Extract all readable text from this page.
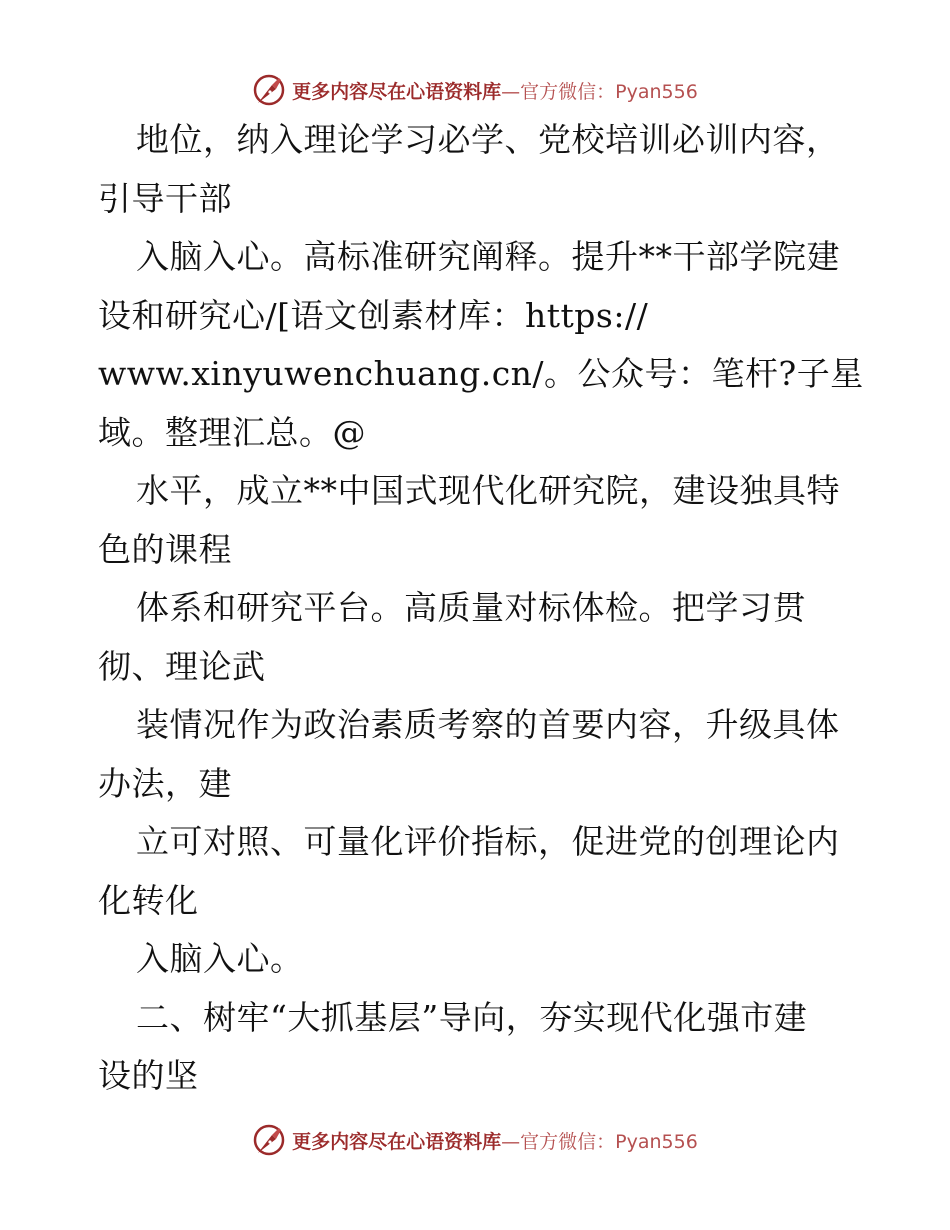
更多内容尽在心语资料库—官方微信：Pyan556
地位，纳入理论学习必学、党校培训必训内容，
引导干部
入脑入心。高标准研究阐释。提升**干部学院建
设和研究心/[语文创素材库：https://
www.xinyuwenchuang.cn/。公众号：笔杆?子星
域。整理汇总。@
水平，成立**中国式现代化研究院，建设独具特
色的课程
体系和研究平台。高质量对标体检。把学习贯
彻、理论武
装情况作为政治素质考察的首要内容，升级具体
办法，建
立可对照、可量化评价指标，促进党的创理论内
化转化
入脑入心。
二、树牢“大抓基层”导向，夯实现代化强市建
设的坚
更多内容尽在心语资料库—官方微信：Pyan556
